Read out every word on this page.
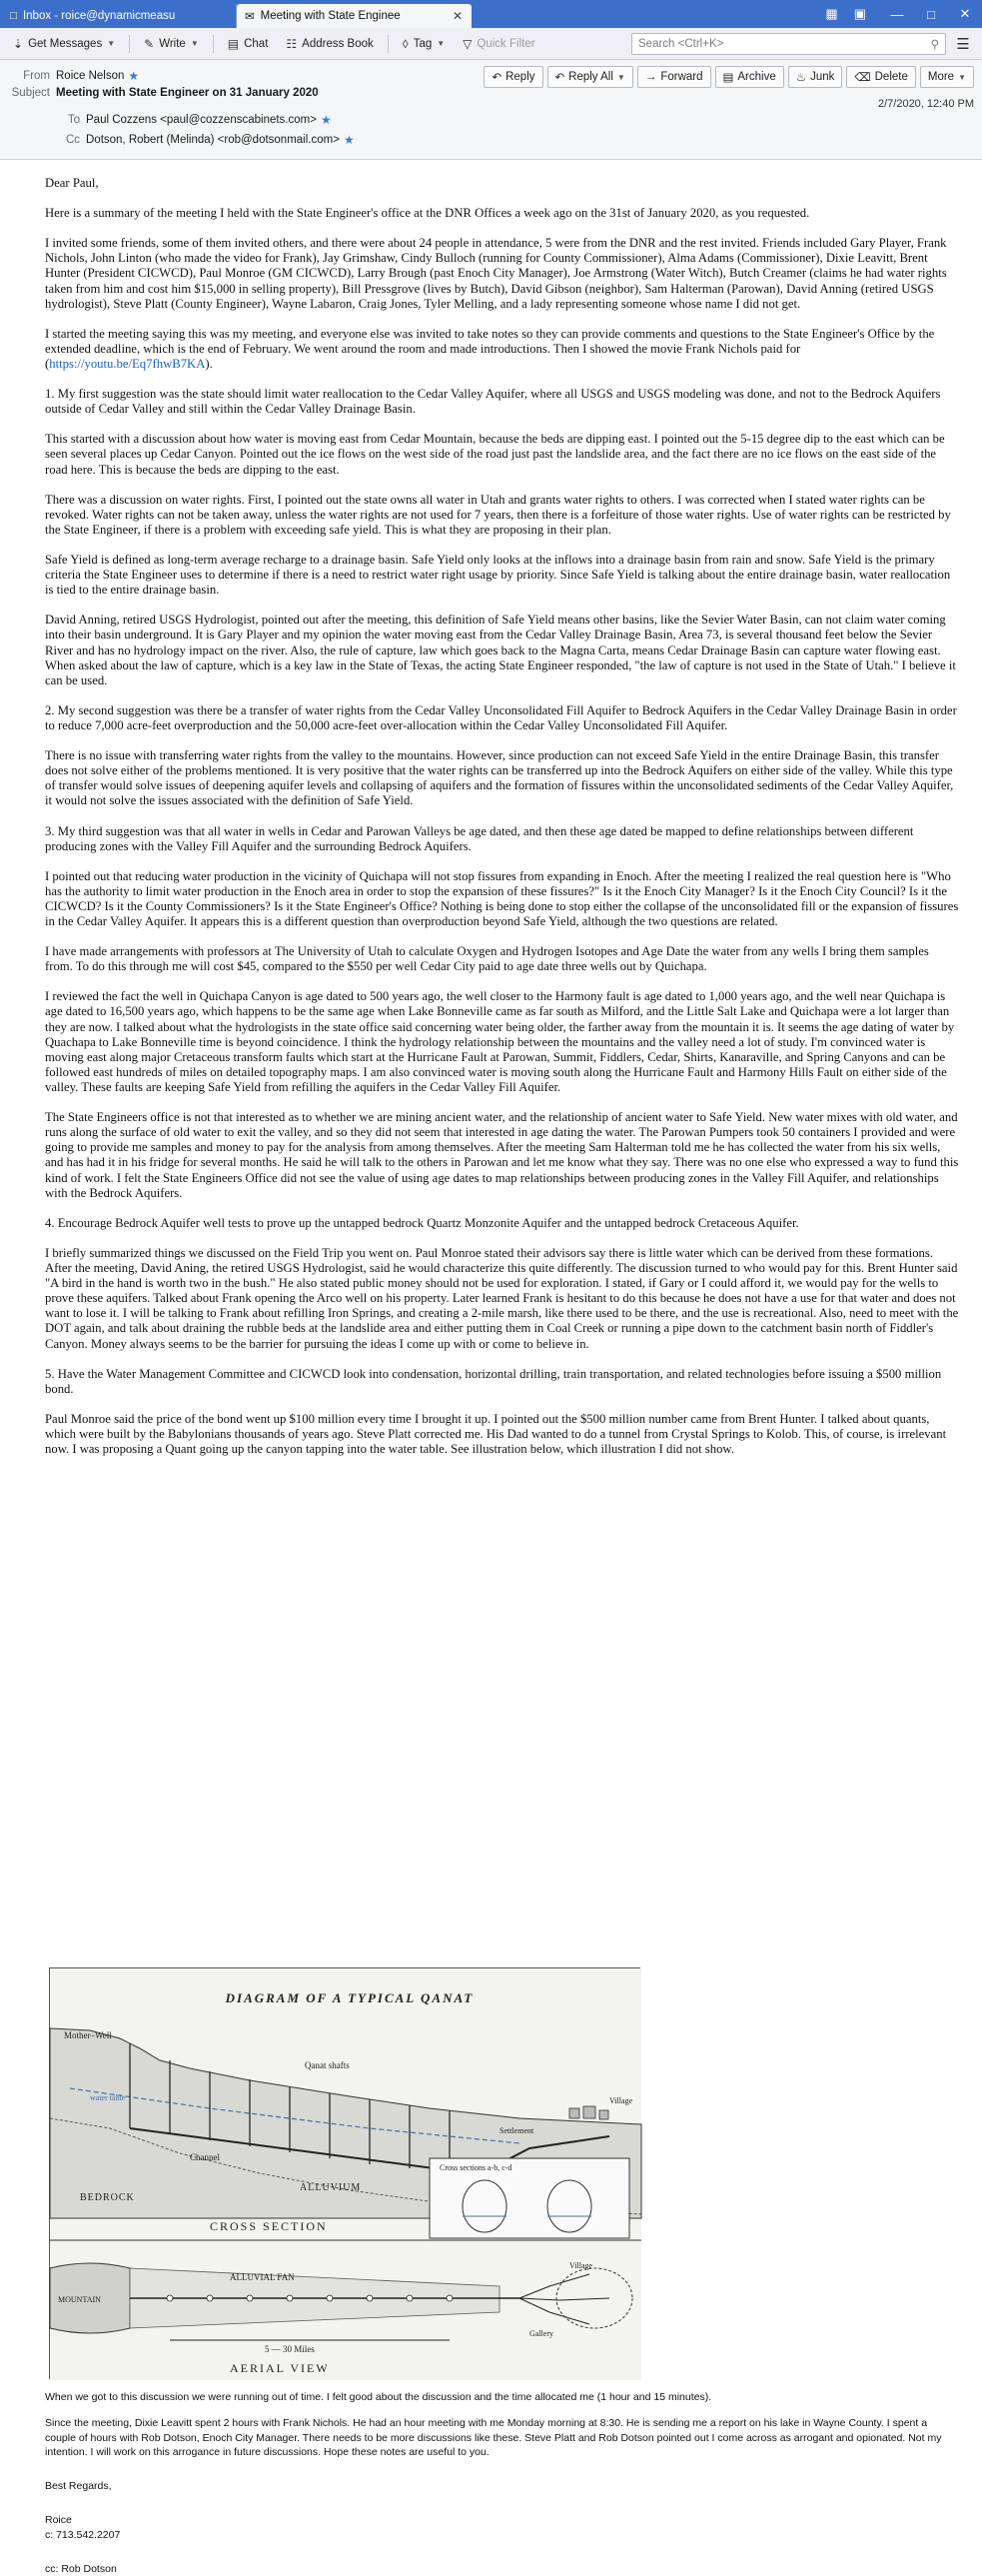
□ Inbox - roice@dynamicmeasu	✉ Meeting with State Enginee	✕	▦ ▣	—	□	✕
⇣ Get Messages ▼ ✎ Write ▼ ▤ Chat ☷ Address Book ◊ Tag ▼ ▽ Quick Filter	Search <Ctrl+K>	⚲	☰
From Roice Nelson ★
Subject Meeting with State Engineer on 31 January 2020
To Paul Cozzens <paul@cozzenscabinets.com> ★
Cc Dotson, Robert (Melinda) <rob@dotsonmail.com> ★
↶ Reply ↶ Reply All ▼ → Forward ▤ Archive ♨ Junk ⌫ Delete More ▼
2/7/2020, 12:40 PM

Dear Paul,

Here is a summary of the meeting I held with the State Engineer's office at the DNR Offices a week ago on the 31st of January 2020, as you requested.

I invited some friends, some of them invited others, and there were about 24 people in attendance, 5 were from the DNR and the rest invited. Friends included Gary Player, Frank Nichols, John Linton (who made the video for Frank), Jay Grimshaw, Cindy Bulloch (running for County Commissioner), Alma Adams (Commissioner), Dixie Leavitt, Brent Hunter (President CICWCD), Paul Monroe (GM CICWCD), Larry Brough (past Enoch City Manager), Joe Armstrong (Water Witch), Butch Creamer (claims he had water rights taken from him and cost him $15,000 in selling property), Bill Pressgrove (lives by Butch), David Gibson (neighbor), Sam Halterman (Parowan), David Anning (retired USGS hydrologist), Steve Platt (County Engineer), Wayne Labaron, Craig Jones, Tyler Melling, and a lady representing someone whose name I did not get.

I started the meeting saying this was my meeting, and everyone else was invited to take notes so they can provide comments and questions to the State Engineer's Office by the extended deadline, which is the end of February. We went around the room and made introductions. Then I showed the movie Frank Nichols paid for (https://youtu.be/Eq7fhwB7KA).

1. My first suggestion was the state should limit water reallocation to the Cedar Valley Aquifer, where all USGS and USGS modeling was done, and not to the Bedrock Aquifers outside of Cedar Valley and still within the Cedar Valley Drainage Basin.

This started with a discussion about how water is moving east from Cedar Mountain, because the beds are dipping east. I pointed out the 5-15 degree dip to the east which can be seen several places up Cedar Canyon. Pointed out the ice flows on the west side of the road just past the landslide area, and the fact there are no ice flows on the east side of the road here. This is because the beds are dipping to the east.

There was a discussion on water rights. First, I pointed out the state owns all water in Utah and grants water rights to others. I was corrected when I stated water rights can be revoked. Water rights can not be taken away, unless the water rights are not used for 7 years, then there is a forfeiture of those water rights. Use of water rights can be restricted by the State Engineer, if there is a problem with exceeding safe yield. This is what they are proposing in their plan.

Safe Yield is defined as long-term average recharge to a drainage basin. Safe Yield only looks at the inflows into a drainage basin from rain and snow. Safe Yield is the primary criteria the State Engineer uses to determine if there is a need to restrict water right usage by priority. Since Safe Yield is talking about the entire drainage basin, water reallocation is tied to the entire drainage basin.

David Anning, retired USGS Hydrologist, pointed out after the meeting, this definition of Safe Yield means other basins, like the Sevier Water Basin, can not claim water coming into their basin underground. It is Gary Player and my opinion the water moving east from the Cedar Valley Drainage Basin, Area 73, is several thousand feet below the Sevier River and has no hydrology impact on the river. Also, the rule of capture, law which goes back to the Magna Carta, means Cedar Drainage Basin can capture water flowing east. When asked about the law of capture, which is a key law in the State of Texas, the acting State Engineer responded, "the law of capture is not used in the State of Utah." I believe it can be used.

2. My second suggestion was there be a transfer of water rights from the Cedar Valley Unconsolidated Fill Aquifer to Bedrock Aquifers in the Cedar Valley Drainage Basin in order to reduce 7,000 acre-feet overproduction and the 50,000 acre-feet over-allocation within the Cedar Valley Unconsolidated Fill Aquifer.

There is no issue with transferring water rights from the valley to the mountains. However, since production can not exceed Safe Yield in the entire Drainage Basin, this transfer does not solve either of the problems mentioned. It is very positive that the water rights can be transferred up into the Bedrock Aquifers on either side of the valley. While this type of transfer would solve issues of deepening aquifer levels and collapsing of aquifers and the formation of fissures within the unconsolidated sediments of the Cedar Valley Aquifer, it would not solve the issues associated with the definition of Safe Yield.

3. My third suggestion was that all water in wells in Cedar and Parowan Valleys be age dated, and then these age dated be mapped to define relationships between different producing zones with the Valley Fill Aquifer and the surrounding Bedrock Aquifers.

I pointed out that reducing water production in the vicinity of Quichapa will not stop fissures from expanding in Enoch. After the meeting I realized the real question here is "Who has the authority to limit water production in the Enoch area in order to stop the expansion of these fissures?" Is it the Enoch City Manager? Is it the Enoch City Council? Is it the CICWCD? Is it the County Commissioners? Is it the State Engineer's Office? Nothing is being done to stop either the collapse of the unconsolidated fill or the expansion of fissures in the Cedar Valley Aquifer. It appears this is a different question than overproduction beyond Safe Yield, although the two questions are related.

I have made arrangements with professors at The University of Utah to calculate Oxygen and Hydrogen Isotopes and Age Date the water from any wells I bring them samples from. To do this through me will cost $45, compared to the $550 per well Cedar City paid to age date three wells out by Quichapa.

I reviewed the fact the well in Quichapa Canyon is age dated to 500 years ago, the well closer to the Harmony fault is age dated to 1,000 years ago, and the well near Quichapa is age dated to 16,500 years ago, which happens to be the same age when Lake Bonneville came as far south as Milford, and the Little Salt Lake and Quichapa were a lot larger than they are now. I talked about what the hydrologists in the state office said concerning water being older, the farther away from the mountain it is. It seems the age dating of water by Quachapa to Lake Bonneville time is beyond coincidence. I think the hydrology relationship between the mountains and the valley need a lot of study. I'm convinced water is moving east along major Cretaceous transform faults which start at the Hurricane Fault at Parowan, Summit, Fiddlers, Cedar, Shirts, Kanaraville, and Spring Canyons and can be followed east hundreds of miles on detailed topography maps. I am also convinced water is moving south along the Hurricane Fault and Harmony Hills Fault on either side of the valley. These faults are keeping Safe Yield from refilling the aquifers in the Cedar Valley Fill Aquifer.

The State Engineers office is not that interested as to whether we are mining ancient water, and the relationship of ancient water to Safe Yield. New water mixes with old water, and runs along the surface of old water to exit the valley, and so they did not seem that interested in age dating the water. The Parowan Pumpers took 50 containers I provided and were going to provide me samples and money to pay for the analysis from among themselves. After the meeting Sam Halterman told me he has collected the water from his six wells, and has had it in his fridge for several months. He said he will talk to the others in Parowan and let me know what they say. There was no one else who expressed a way to fund this kind of work. I felt the State Engineers Office did not see the value of using age dates to map relationships between producing zones in the Valley Fill Aquifer, and relationships with the Bedrock Aquifers.

4. Encourage Bedrock Aquifer well tests to prove up the untapped bedrock Quartz Monzonite Aquifer and the untapped bedrock Cretaceous Aquifer.

I briefly summarized things we discussed on the Field Trip you went on. Paul Monroe stated their advisors say there is little water which can be derived from these formations. After the meeting, David Aning, the retired USGS Hydrologist, said he would characterize this quite differently. The discussion turned to who would pay for this. Brent Hunter said "A bird in the hand is worth two in the bush." He also stated public money should not be used for exploration. I stated, if Gary or I could afford it, we would pay for the wells to prove these aquifers. Talked about Frank opening the Arco well on his property. Later learned Frank is hesitant to do this because he does not have a use for that water and does not want to lose it. I will be talking to Frank about refilling Iron Springs, and creating a 2-mile marsh, like there used to be there, and the use is recreational. Also, need to meet with the DOT again, and talk about draining the rubble beds at the landslide area and either putting them in Coal Creek or running a pipe down to the catchment basin north of Fiddler's Canyon. Money always seems to be the barrier for pursuing the ideas I come up with or come to believe in.

5. Have the Water Management Committee and CICWCD look into condensation, horizontal drilling, train transportation, and related technologies before issuing a $500 million bond.

Paul Monroe said the price of the bond went up $100 million every time I brought it up. I pointed out the $500 million number came from Brent Hunter. I talked about quants, which were built by the Babylonians thousands of years ago. Steve Platt corrected me. His Dad wanted to do a tunnel from Crystal Springs to Kolob. This, of course, is irrelevant now. I was proposing a Quant going up the canyon tapping into the water table. See illustration below, which illustration I did not show.

DIAGRAM OF A TYPICAL QANAT
Mother–Well
Qanat shafts
water table
Settlement
Channel
ALLUVIUM
BEDROCK
Village
Cross sections a-b, c-d
CROSS SECTION
MOUNTAIN
ALLUVIAL FAN
Village
Gallery
5 — 30 Miles
AERIAL VIEW

When we got to this discussion we were running out of time. I felt good about the discussion and the time allocated me (1 hour and 15 minutes).

Since the meeting, Dixie Leavitt spent 2 hours with Frank Nichols. He had an hour meeting with me Monday morning at 8:30. He is sending me a report on his lake in Wayne County. I spent a couple of hours with Rob Dotson, Enoch City Manager. There needs to be more discussions like these. Steve Platt and Rob Dotson pointed out I come across as arrogant and opionated. Not my intention. I will work on this arrogance in future discussions. Hope these notes are useful to you.

Best Regards,

Roice
c: 713.542.2207
cc: Rob Dotson
